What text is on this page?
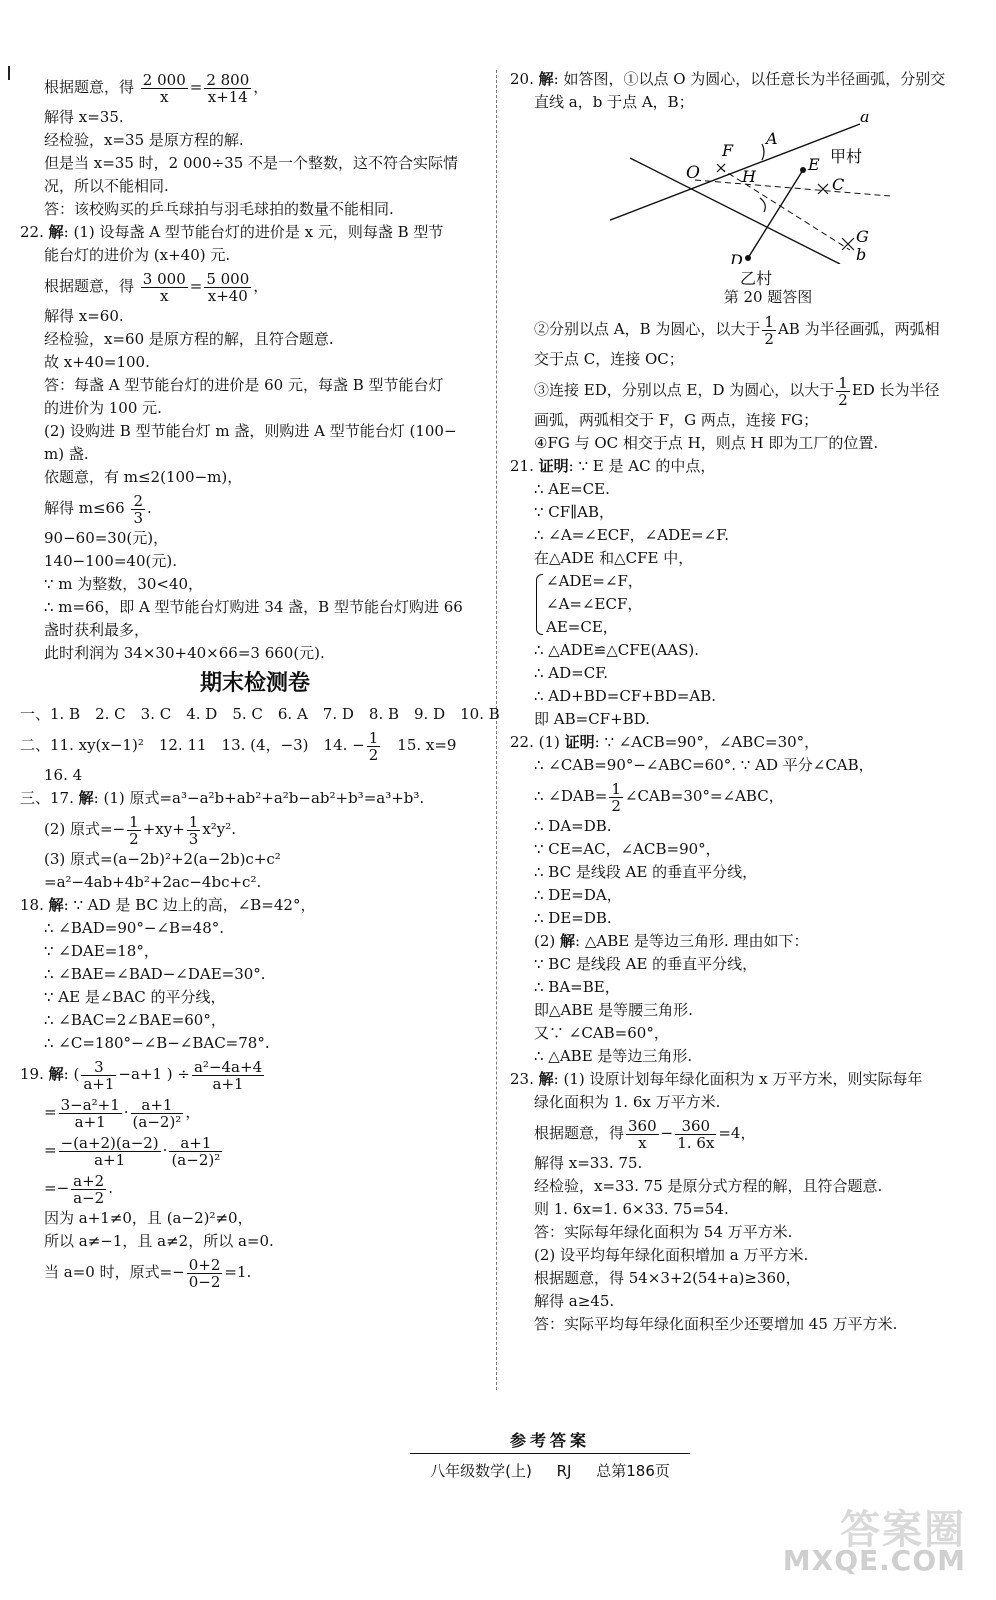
根据题意，得 $\frac{2 000}{x} = \frac{2 800}{x+14}$ ，
解得 x=35.
经检验，x=35 是原方程的解.
但是当 x=35 时，2 000÷35 不是一个整数，这不符合实际情
况，所以不能相同.
答：该校购买的乒乓球拍与羽毛球拍的数量不能相同.
22. 解: (1) 设每盏 A 型节能台灯的进价是 x 元，则每盏 B 型节
能台灯的进价为 (x+40) 元.
根据题意，得 $\frac{3 000}{x} = \frac{5 000}{x+40}$ ，
解得 x=60.
经检验，x=60 是原方程的解，且符合题意.
故 x+40=100.
答：每盏 A 型节能台灯的进价是 60 元，每盏 B 型节能台灯
的进价为 100 元.
(2) 设购进 B 型节能台灯 m 盏，则购进 A 型节能台灯 (100−
m) 盏.
依题意，有 m≤2(100−m)，
解得 $m\le 66 \frac{2}{3}$ .
90−60=30(元)，
140−100=40(元).
∵ m 为整数，30<40，
∴ m=66，即 A 型节能台灯购进 34 盏，B 型节能台灯购进 66
盏时获利最多，
此时利润为 34×30+40×66=3 660(元).
期末检测卷
一、1. B　2. C　3. C　4. D　5. C　6. A　7. D　8. B　9. D　10. B
二、11. xy(x−1)²　12. 11　13. (4，−3)　14. − $\frac{1}{2}$ 　15. x=9
16. 4
三、17. 解: (1) 原式=a³−a²b+ab²+a²b−ab²+b³=a³+b³.
(2) 原式=− $\frac{1}{2} +xy+ \frac{1}{3} x^2y^2$.
(3) 原式=(a−2b)²+2(a−2b)c+c²
=a²−4ab+4b²+2ac−4bc+c².
18. 解: ∵ AD 是 BC 边上的高，∠B=42°，
∴ ∠BAD=90°−∠B=48°.
∵ ∠DAE=18°，
∴ ∠BAE=∠BAD−∠DAE=30°.
∵ AE 是∠BAC 的平分线，
∴ ∠BAC=2∠BAE=60°，
∴ ∠C=180°−∠B−∠BAC=78°.
19. 解: ( $\frac{3}{a+1} -a+1$ ) ÷ $\frac{\text{a²−4a+4}}{a+1}$
= $\frac{\text{3−a²+1}}{a+1} \cdot \frac{a+1}{\text{(a−2)²}}$ ，
= $\frac{-(a+2)(a-2)}{a+1} \cdot \frac{a+1}{\text{(a−2)²}}$
=− $\frac{a+2}{a-2}$ .
因为 a+1≠0，且 (a−2)²≠0，
所以 a≠−1，且 a≠2，所以 a=0.
当 a=0 时，原式=− $\frac{0+2}{0-2} =1$.
20. 解: 如答图，①以点 O 为圆心，以任意长为半径画弧，分别交
直线 a，b 于点 A，B；
O
F
A
a
H
E 甲村
C
D
G
b
乙村
第 20 题答图
②分别以点 A，B 为圆心，以大于 $\frac{1}{2}$ AB 为半径画弧，两弧相
交于点 C，连接 OC；
③连接 ED，分别以点 E，D 为圆心，以大于 $\frac{1}{2}$ ED 长为半径
画弧，两弧相交于 F，G 两点，连接 FG；
④FG 与 OC 相交于点 H，则点 H 即为工厂的位置.
21. 证明: ∵ E 是 AC 的中点，
∴ AE=CE.
∵ CF∥AB，
∴ ∠A=∠ECF，∠ADE=∠F.
在△ADE 和△CFE 中，
∠ADE=∠F，
∠A=∠ECF，
AE=CE，
∴ △ADE≌△CFE(AAS).
∴ AD=CF.
∴ AD+BD=CF+BD=AB.
即 AB=CF+BD.
22. (1) 证明: ∵ ∠ACB=90°，∠ABC=30°，
∴ ∠CAB=90°−∠ABC=60°. ∵ AD 平分∠CAB，
∴ ∠DAB= $\frac{1}{2}$ ∠CAB=30°=∠ABC，
∴ DA=DB.
∵ CE=AC，∠ACB=90°，
∴ BC 是线段 AE 的垂直平分线，
∴ DE=DA，
∴ DE=DB.
(2) 解: △ABE 是等边三角形. 理由如下：
∵ BC 是线段 AE 的垂直平分线，
∴ BA=BE，
即△ABE 是等腰三角形.
又∵ ∠CAB=60°，
∴ △ABE 是等边三角形.
23. 解: (1) 设原计划每年绿化面积为 x 万平方米，则实际每年
绿化面积为 1. 6x 万平方米.
根据题意，得 $\frac{360}{x} - \frac{360}{1. 6x} =4$，
解得 x=33. 75.
经检验，x=33. 75 是原分式方程的解，且符合题意.
则 1. 6x=1. 6×33. 75=54.
答：实际每年绿化面积为 54 万平方米.
(2) 设平均每年绿化面积增加 a 万平方米.
根据题意，得 54×3+2(54+a)≥360，
解得 a≥45.
答：实际平均每年绿化面积至少还要增加 45 万平方米.
参考答案
八年级数学(上) RJ 总第186页
答案圈
MXQE.COM
